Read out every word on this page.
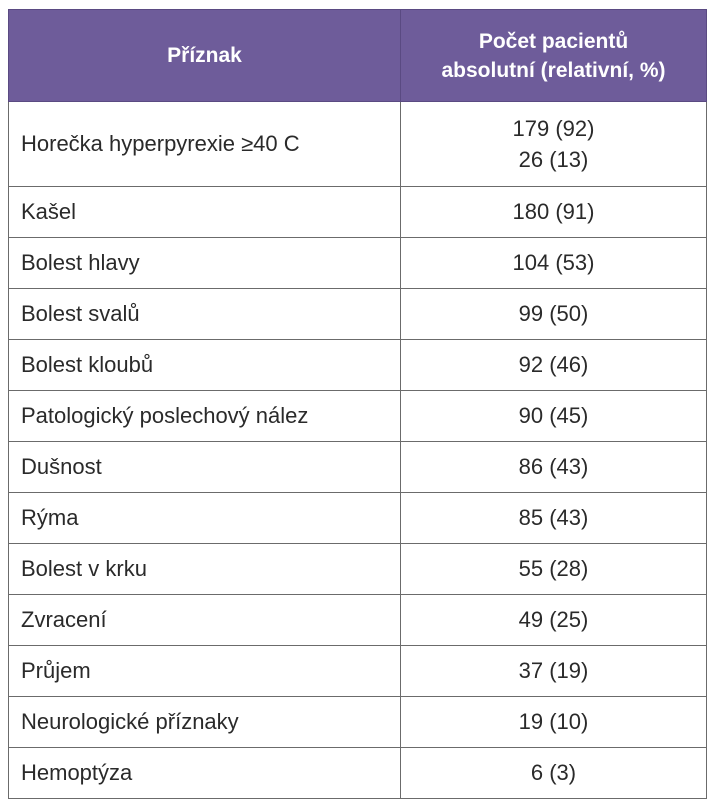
Příznak	Počet pacientů
absolutní (relativní, %)

Horečka hyperpyrexie ≥40 C	179 (92)
26 (13)

Kašel	180 (91)
Bolest hlavy	104 (53)
Bolest svalů	99 (50)
Bolest kloubů	92 (46)
Patologický poslechový nález	90 (45)
Dušnost	86 (43)
Rýma	85 (43)
Bolest v krku	55 (28)
Zvracení	49 (25)
Průjem	37 (19)
Neurologické příznaky	19 (10)
Hemoptýza	6 (3)
